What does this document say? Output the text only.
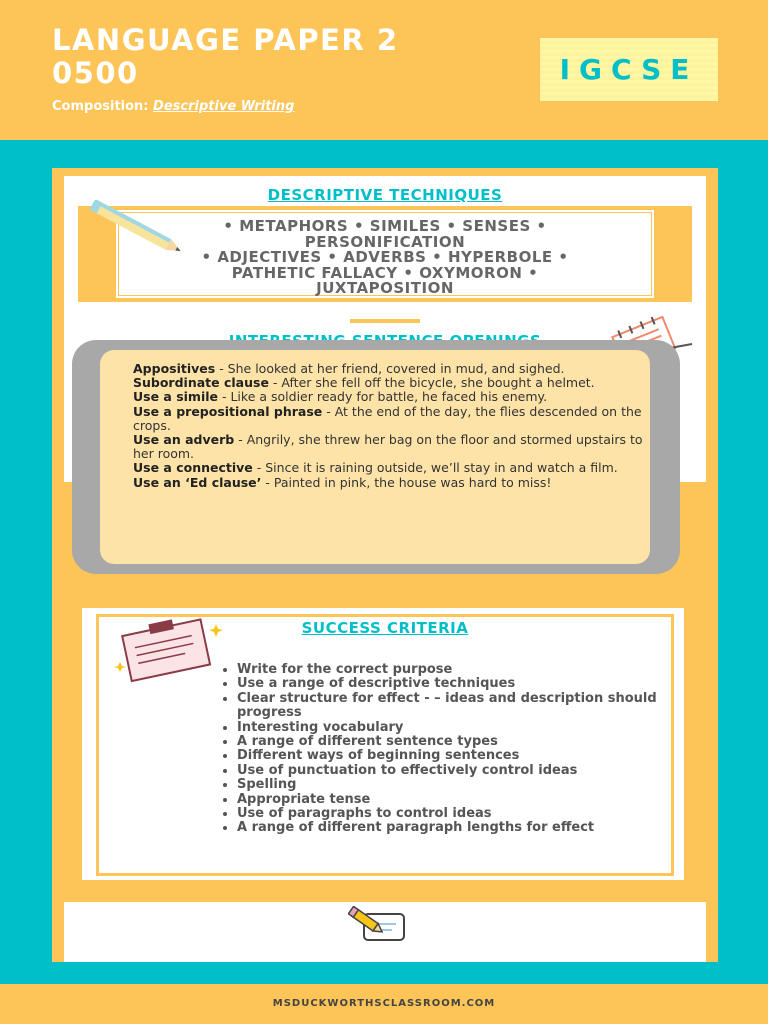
LANGUAGE PAPER 2
0500
Composition: Descriptive Writing
IGCSE
DESCRIPTIVE TECHNIQUES
• METAPHORS • SIMILES • SENSES •
PERSONIFICATION
• ADJECTIVES • ADVERBS • HYPERBOLE •
PATHETIC FALLACY • OXYMORON •
JUXTAPOSITION
Appositives - She looked at her friend, covered in mud, and sighed.
Subordinate clause - After she fell off the bicycle, she bought a helmet.
Use a simile - Like a soldier ready for battle, he faced his enemy.
Use a prepositional phrase - At the end of the day, the flies descended on the crops.
Use an adverb - Angrily, she threw her bag on the floor and stormed upstairs to her room.
Use a connective - Since it is raining outside, we’ll stay in and watch a film.
Use an ‘Ed clause’ - Painted in pink, the house was hard to miss!
SUCCESS CRITERIA
• Write for the correct purpose
• Use a range of descriptive techniques
• Clear structure for effect - – ideas and description should progress
• Interesting vocabulary
• A range of different sentence types
• Different ways of beginning sentences
• Use of punctuation to effectively control ideas
• Spelling
• Appropriate tense
• Use of paragraphs to control ideas
• A range of different paragraph lengths for effect
MSDUCKWORTHSCLASSROOM.COM
